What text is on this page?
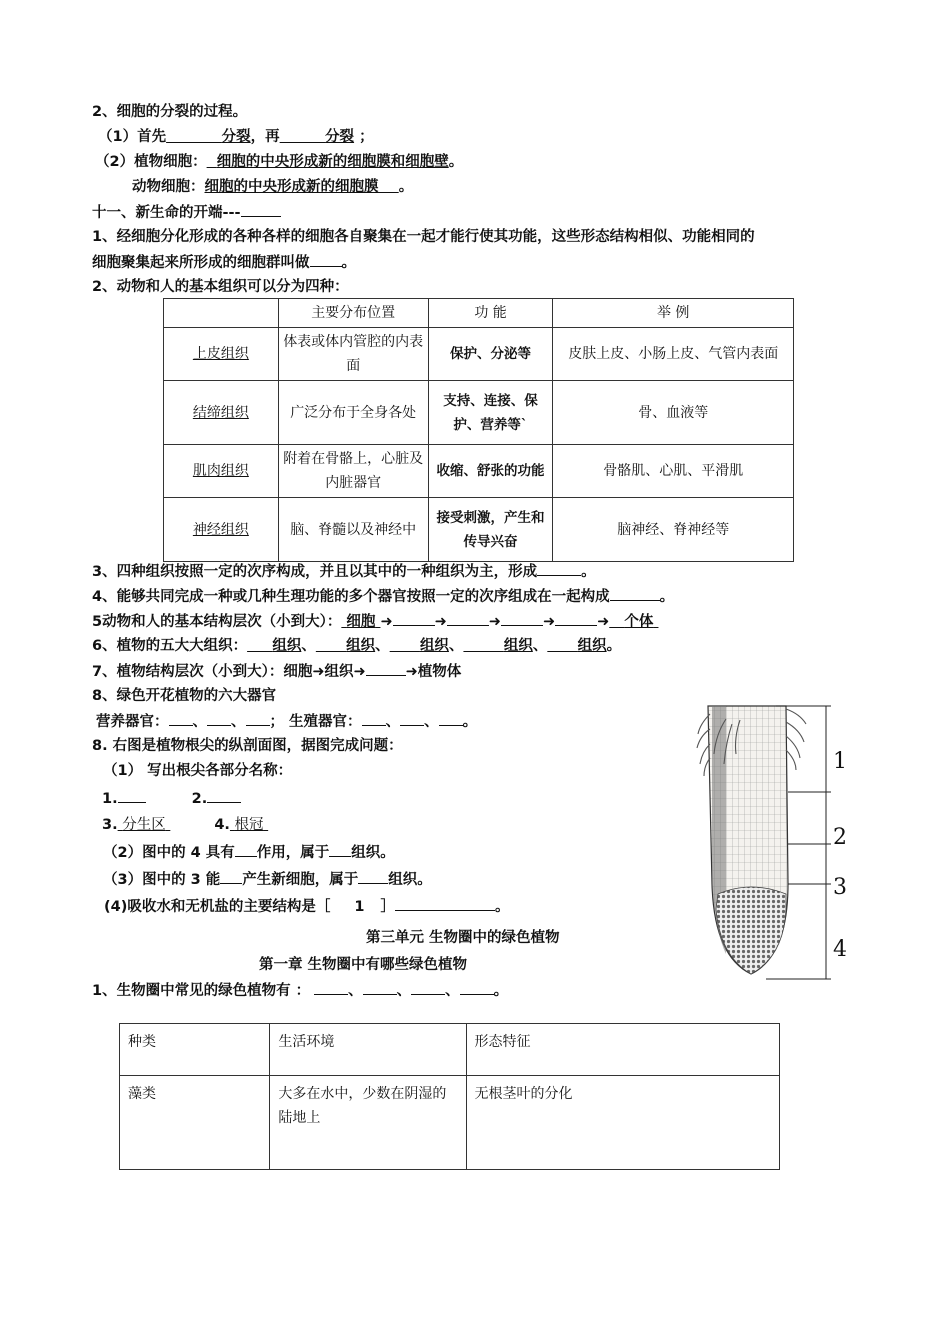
2、细胞的分裂的过程。
（1）首先	分裂，再	分裂 ；
（2）植物细胞： 细胞的中央形成新的细胞膜和细胞壁。
动物细胞：细胞的中央形成新的细胞膜 。
十一、新生命的开端---
1、经细胞分化形成的各种各样的细胞各自聚集在一起才能行使其功能，这些形态结构相似、功能相同的
细胞聚集起来所形成的细胞群叫做 。
2、动物和人的基本组织可以分为四种：
	主要分布位置	功 能	举 例
上皮组织	体表或体内管腔的内表面	保护、分泌等	皮肤上皮、小肠上皮、气管内表面
结缔组织	广泛分布于全身各处	支持、连接、保护、营养等`	骨、血液等
肌肉组织	附着在骨骼上，心脏及内脏器官	收缩、舒张的功能	骨骼肌、心肌、平滑肌
神经组织	脑、脊髓以及神经中	接受刺激，产生和传导兴奋	脑神经、脊神经等
3、四种组织按照一定的次序构成，并且以其中的一种组织为主，形成	。
4、能够共同完成一种或几种生理功能的多个器官按照一定的次序组成在一起构成	。
5动物和人的基本结构层次（小到大）： 细胞 ➜	➜	➜	➜	➜ 个体
6、植物的五大大组织： 组织、 组织、 组织、	组织、 组织。
7、植物结构层次（小到大）：细胞➜组织➜	➜植物体
8、绿色开花植物的六大器官
营养器官： 、 、 ； 生殖器官： 、 、 。
8. 右图是植物根尖的纵剖面图，据图完成问题：
（1） 写出根尖各部分名称：
1.	2.
3. 分生区	4. 根冠
（2）图中的 4 具有 作用，属于 组织。
（3）图中的 3 能 产生新细胞，属于 组织。
(4)吸收水和无机盐的主要结构是［ 1 ］	。
第三单元 生物圈中的绿色植物
第一章 生物圈中有哪些绿色植物
1、生物圈中常见的绿色植物有 ：	、 、 、 。
种类	生活环境	形态特征
藻类	大多在水中，少数在阴湿的陆地上	无根茎叶的分化
1
2
3
4
